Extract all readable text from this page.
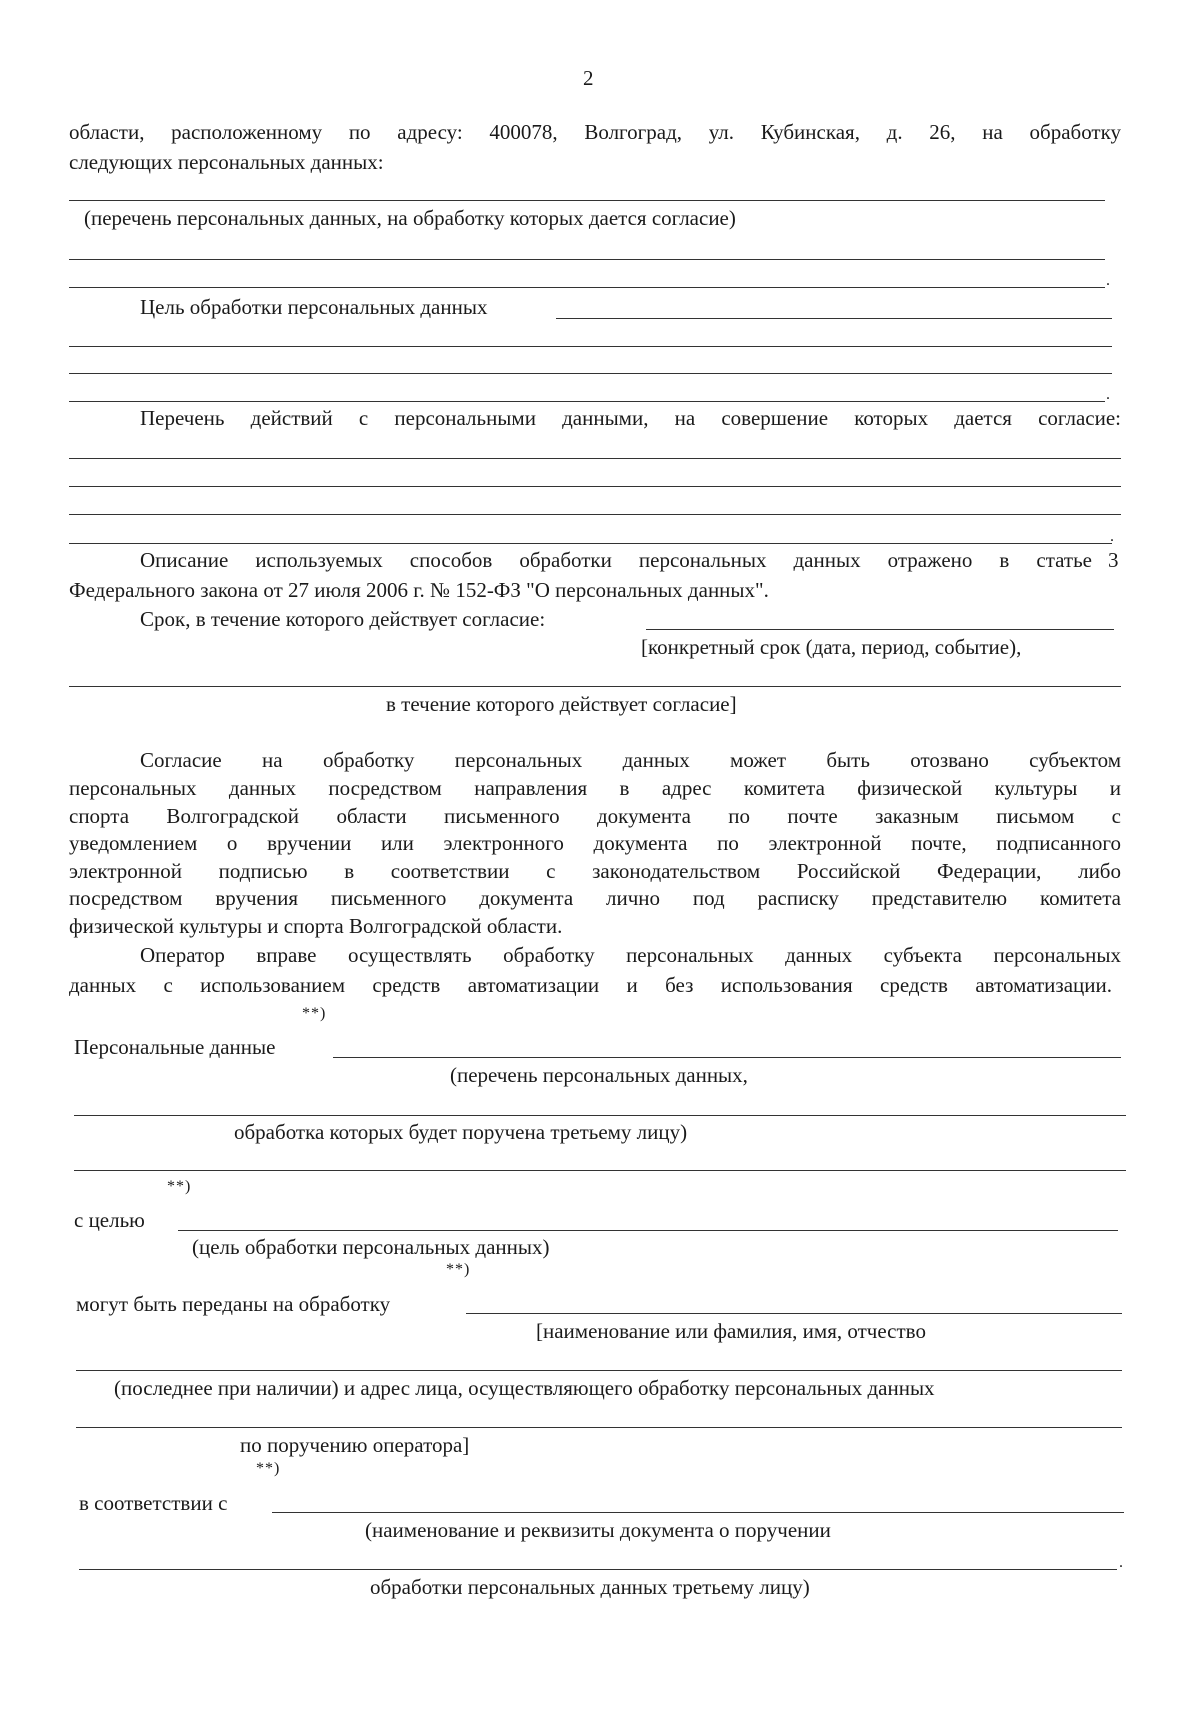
2
области, расположенному по адресу: 400078, Волгоград, ул. Кубинская, д. 26, на обработку
следующих персональных данных:
(перечень персональных данных, на обработку которых дается согласие)
.
Цель обработки персональных данных
.
Перечень действий с персональными данными, на совершение которых дается согласие:
.
Описание используемых способов обработки персональных данных отражено в статье 3
Федерального закона от 27 июля 2006 г. № 152-ФЗ "О персональных данных".
Срок, в течение которого действует согласие:
[конкретный срок (дата, период, событие),
в течение которого действует согласие]
Согласие на обработку персональных данных может быть отозвано субъектом
персональных данных посредством направления в адрес комитета физической культуры и
спорта Волгоградской области письменного документа по почте заказным письмом с
уведомлением о вручении или электронного документа по электронной почте, подписанного
электронной подписью в соответствии с законодательством Российской Федерации, либо
посредством вручения письменного документа лично под расписку представителю комитета
физической культуры и спорта Волгоградской области.
Оператор вправе осуществлять обработку персональных данных субъекта персональных
данных с использованием средств автоматизации и без использования средств автоматизации.
**)
Персональные данные
(перечень персональных данных,
обработка которых будет поручена третьему лицу)
**)
с целью
(цель обработки персональных данных)
**)
могут быть переданы на обработку
[наименование или фамилия, имя, отчество
(последнее при наличии) и адрес лица, осуществляющего обработку персональных данных
по поручению оператора]
**)
в соответствии с
(наименование и реквизиты документа о поручении
.
обработки персональных данных третьему лицу)
